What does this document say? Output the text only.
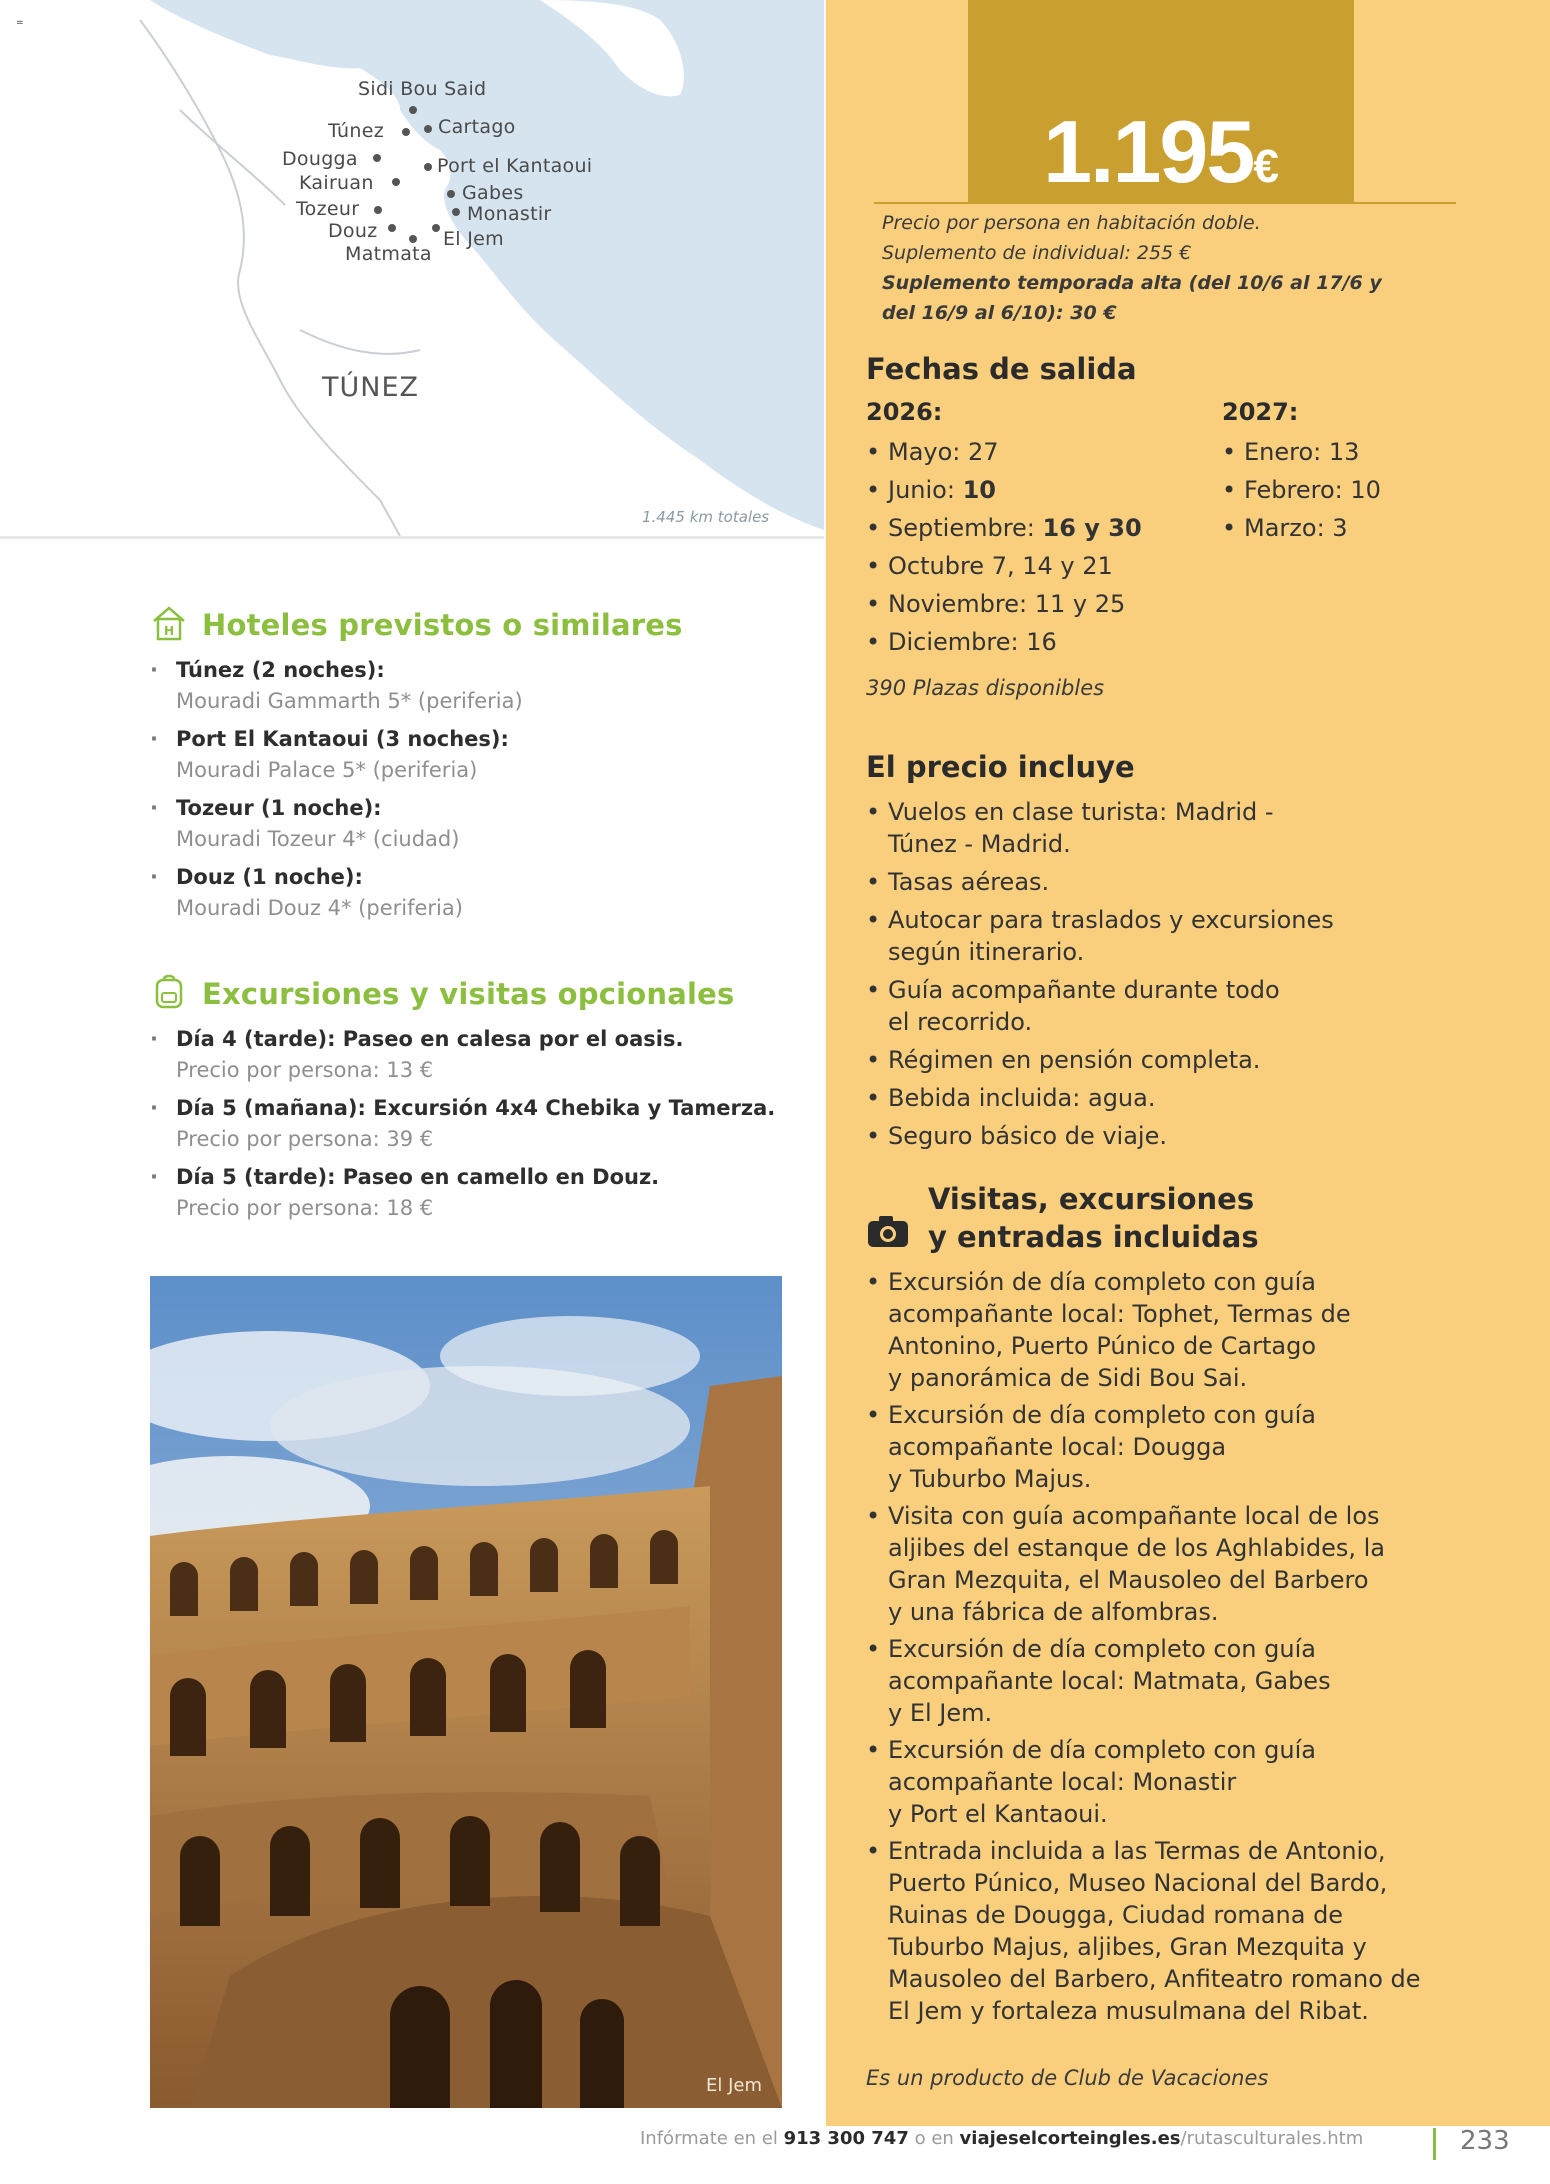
=
Sidi Bou Said
Túnez	Cartago
Dougga	Port el Kantaoui
Kairuan	Gabes
Tozeur	Monastir
Douz	El Jem
Matmata
TÚNEZ
1.445 km totales
H Hoteles previstos o similares
· Túnez (2 noches):
Mouradi Gammarth 5* (periferia)
· Port El Kantaoui (3 noches):
Mouradi Palace 5* (periferia)
· Tozeur (1 noche):
Mouradi Tozeur 4* (ciudad)
· Douz (1 noche):
Mouradi Douz 4* (periferia)
Excursiones y visitas opcionales
· Día 4 (tarde): Paseo en calesa por el oasis.
Precio por persona: 13 €
· Día 5 (mañana): Excursión 4x4 Chebika y Tamerza.
Precio por persona: 39 €
· Día 5 (tarde): Paseo en camello en Douz.
Precio por persona: 18 €
El Jem
1.195€
Precio por persona en habitación doble.
Suplemento de individual: 255 €
Suplemento temporada alta (del 10/6 al 17/6 y
del 16/9 al 6/10): 30 €
Fechas de salida
2026:
• Mayo: 27
• Junio: 10
• Septiembre: 16 y 30
• Octubre 7, 14 y 21
• Noviembre: 11 y 25
• Diciembre: 16
2027:
• Enero: 13
• Febrero: 10
• Marzo: 3
390 Plazas disponibles
El precio incluye
• Vuelos en clase turista: Madrid -
Túnez - Madrid.
• Tasas aéreas.
• Autocar para traslados y excursiones
según itinerario.
• Guía acompañante durante todo
el recorrido.
• Régimen en pensión completa.
• Bebida incluida: agua.
• Seguro básico de viaje.
Visitas, excursiones
y entradas incluidas
• Excursión de día completo con guía
acompañante local: Tophet, Termas de
Antonino, Puerto Púnico de Cartago
y panorámica de Sidi Bou Sai.
• Excursión de día completo con guía
acompañante local: Dougga
y Tuburbo Majus.
• Visita con guía acompañante local de los
aljibes del estanque de los Aghlabides, la
Gran Mezquita, el Mausoleo del Barbero
y una fábrica de alfombras.
• Excursión de día completo con guía
acompañante local: Matmata, Gabes
y El Jem.
• Excursión de día completo con guía
acompañante local: Monastir
y Port el Kantaoui.
• Entrada incluida a las Termas de Antonio,
Puerto Púnico, Museo Nacional del Bardo,
Ruinas de Dougga, Ciudad romana de
Tuburbo Majus, aljibes, Gran Mezquita y
Mausoleo del Barbero, Anfiteatro romano de
El Jem y fortaleza musulmana del Ribat.
Es un producto de Club de Vacaciones
Infórmate en el 913 300 747 o en viajeselcorteingles.es/rutasculturales.htm	233
